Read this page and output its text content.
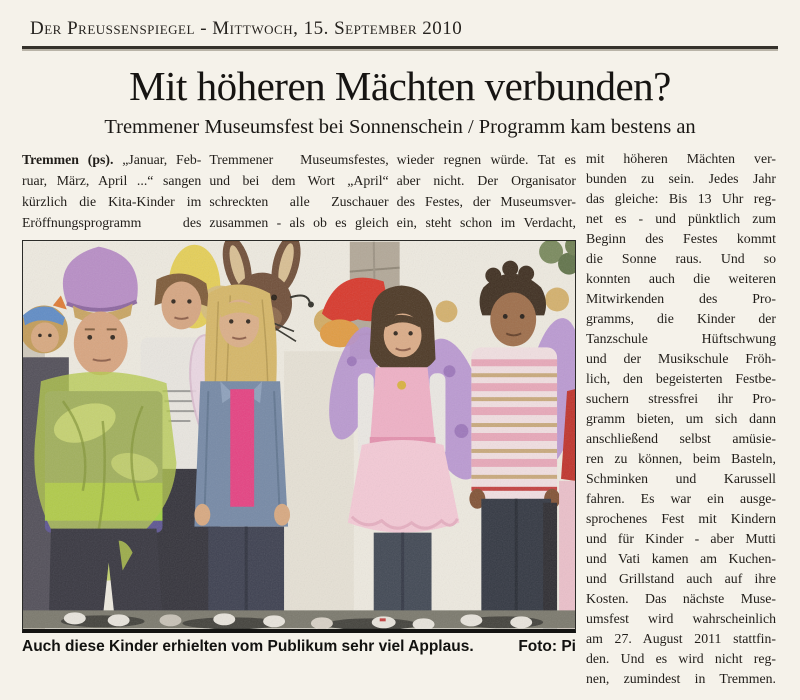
Der Preussenspiegel - Mittwoch, 15. September 2010
Mit höheren Mächten verbunden?
Tremmener Museumsfest bei Sonnenschein / Programm kam bestens an
Tremmen (ps). „Januar, Feb-
ruar, März, April ...“ sangen
kürzlich die Kita-Kinder im
Eröffnungsprogramm des
Tremmener Museumsfestes,
und bei dem Wort „April“
schreckten alle Zuschauer
zusammen - als ob es gleich
wieder regnen würde. Tat es
aber nicht. Der Organisator
des Festes, der Museumsver-
ein, steht schon im Verdacht,
Auch diese Kinder erhielten vom Publikum sehr viel Applaus.	Foto: Pi
mit höheren Mächten ver-
bunden zu sein. Jedes Jahr
das gleiche: Bis 13 Uhr reg-
net es - und pünktlich zum
Beginn des Festes kommt
die Sonne raus. Und so
konnten auch die weiteren
Mitwirkenden des Pro-
gramms, die Kinder der
Tanzschule Hüftschwung
und der Musikschule Fröh-
lich, den begeisterten Festbe-
suchern stressfrei ihr Pro-
gramm bieten, um sich dann
anschließend selbst amüsie-
ren zu können, beim Basteln,
Schminken und Karussell
fahren. Es war ein ausge-
sprochenes Fest mit Kindern
und für Kinder - aber Mutti
und Vati kamen am Kuchen-
und Grillstand auch auf ihre
Kosten. Das nächste Muse-
umsfest wird wahrscheinlich
am 27. August 2011 stattfin-
den. Und es wird nicht reg-
nen, zumindest in Tremmen.
